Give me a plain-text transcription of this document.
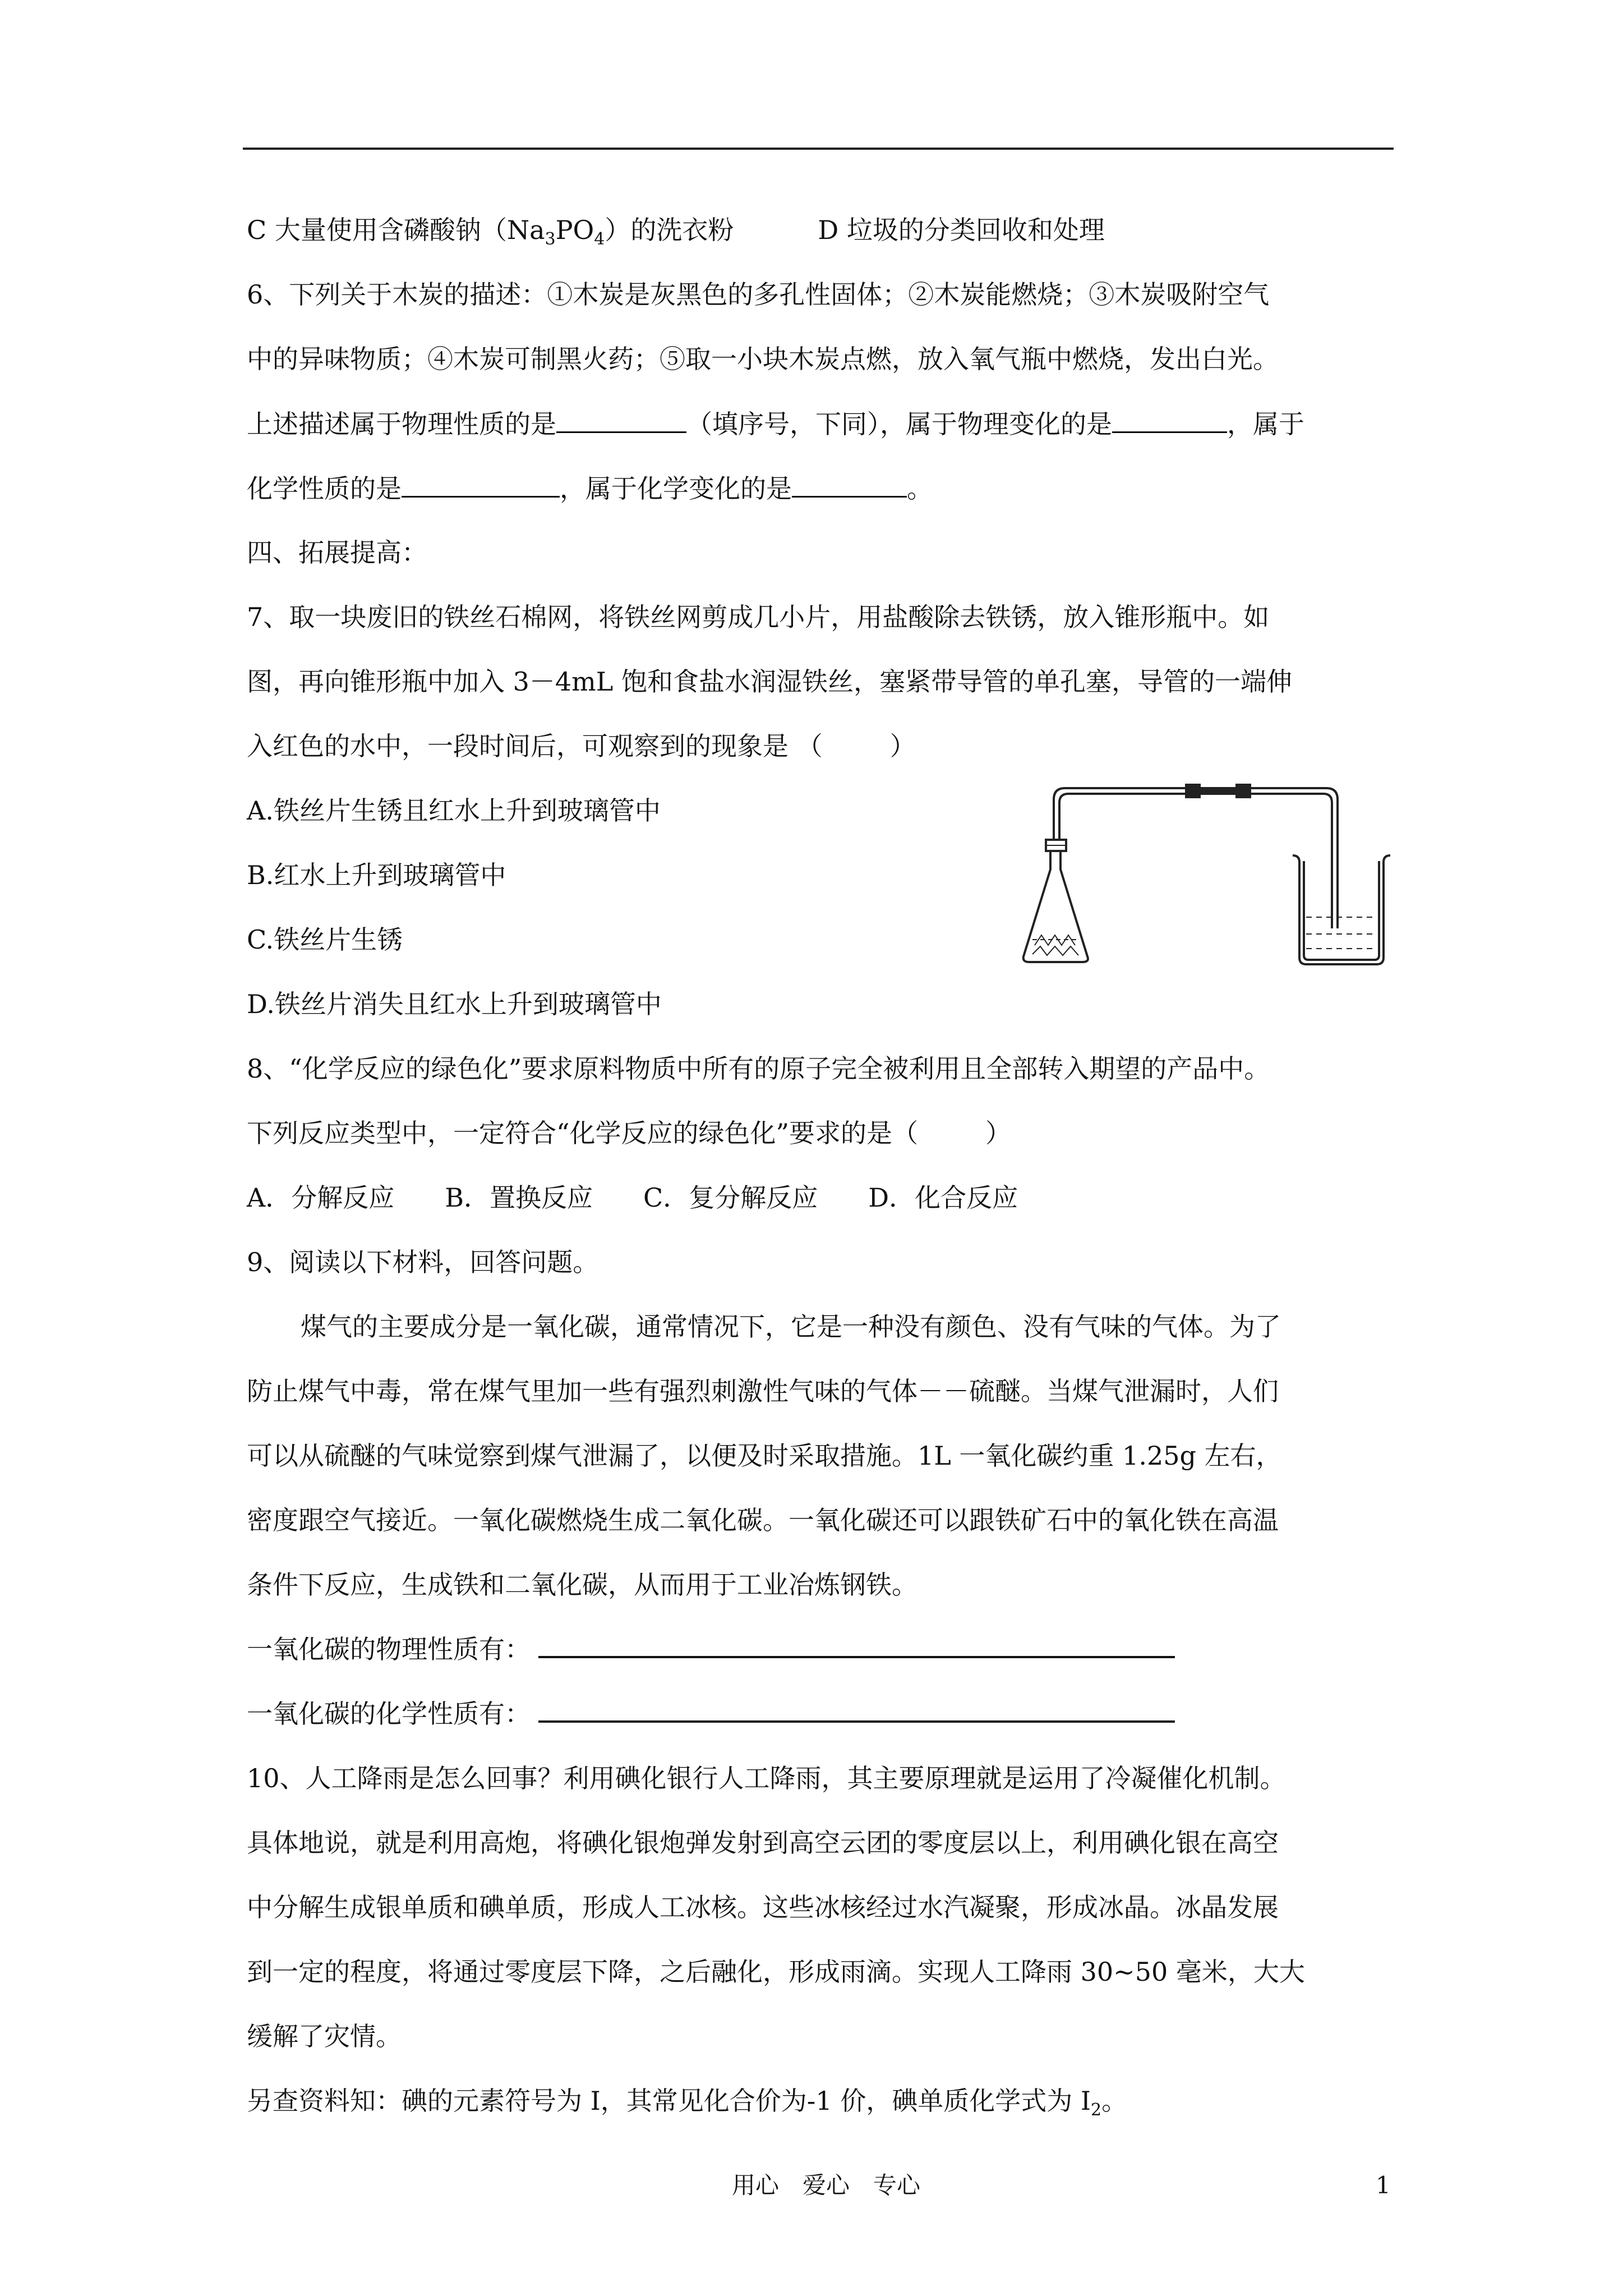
C 大量使用含磷酸钠$(Na_3PO_4)$的洗衣粉	D 垃圾的分类回收和处理
6、下列关于木炭的描述：①木炭是灰黑色的多孔性固体；②木炭能燃烧；③木炭吸附空气
中的异味物质；④木炭可制黑火药；⑤取一小块木炭点燃，放入氧气瓶中燃烧，发出白光。
上述描述属于物理性质的是	（填序号，下同），属于物理变化的是	，属于
化学性质的是	，属于化学变化的是	。
四、拓展提高：
7、取一块废旧的铁丝石棉网，将铁丝网剪成几小片，用盐酸除去铁锈，放入锥形瓶中。如
图，再向锥形瓶中加入 3－4mL 饱和食盐水润湿铁丝，塞紧带导管的单孔塞，导管的一端伸
入红色的水中，一段时间后，可观察到的现象是 （	）
A.铁丝片生锈且红水上升到玻璃管中
B.红水上升到玻璃管中
C.铁丝片生锈
D.铁丝片消失且红水上升到玻璃管中
8、“化学反应的绿色化”要求原料物质中所有的原子完全被利用且全部转入期望的产品中。
下列反应类型中，一定符合“化学反应的绿色化”要求的是（	）
A．分解反应 B．置换反应 C．复分解反应 D．化合反应
9、阅读以下材料，回答问题。
煤气的主要成分是一氧化碳，通常情况下，它是一种没有颜色、没有气味的气体。为了
防止煤气中毒，常在煤气里加一些有强烈刺激性气味的气体－－硫醚。当煤气泄漏时，人们
可以从硫醚的气味觉察到煤气泄漏了，以便及时采取措施。1L 一氧化碳约重 1.25g 左右，
密度跟空气接近。一氧化碳燃烧生成二氧化碳。一氧化碳还可以跟铁矿石中的氧化铁在高温
条件下反应，生成铁和二氧化碳，从而用于工业冶炼钢铁。
一氧化碳的物理性质有：
一氧化碳的化学性质有：
10、人工降雨是怎么回事？利用碘化银行人工降雨，其主要原理就是运用了冷凝催化机制。
具体地说，就是利用高炮，将碘化银炮弹发射到高空云团的零度层以上，利用碘化银在高空
中分解生成银单质和碘单质，形成人工冰核。这些冰核经过水汽凝聚，形成冰晶。冰晶发展
到一定的程度，将通过零度层下降，之后融化，形成雨滴。实现人工降雨 30~50 毫米，大大
缓解了灾情。
另查资料知：碘的元素符号为 I，其常见化合价为-1 价，碘单质化学式为 $I_2$。
用心　爱心　专心	1
